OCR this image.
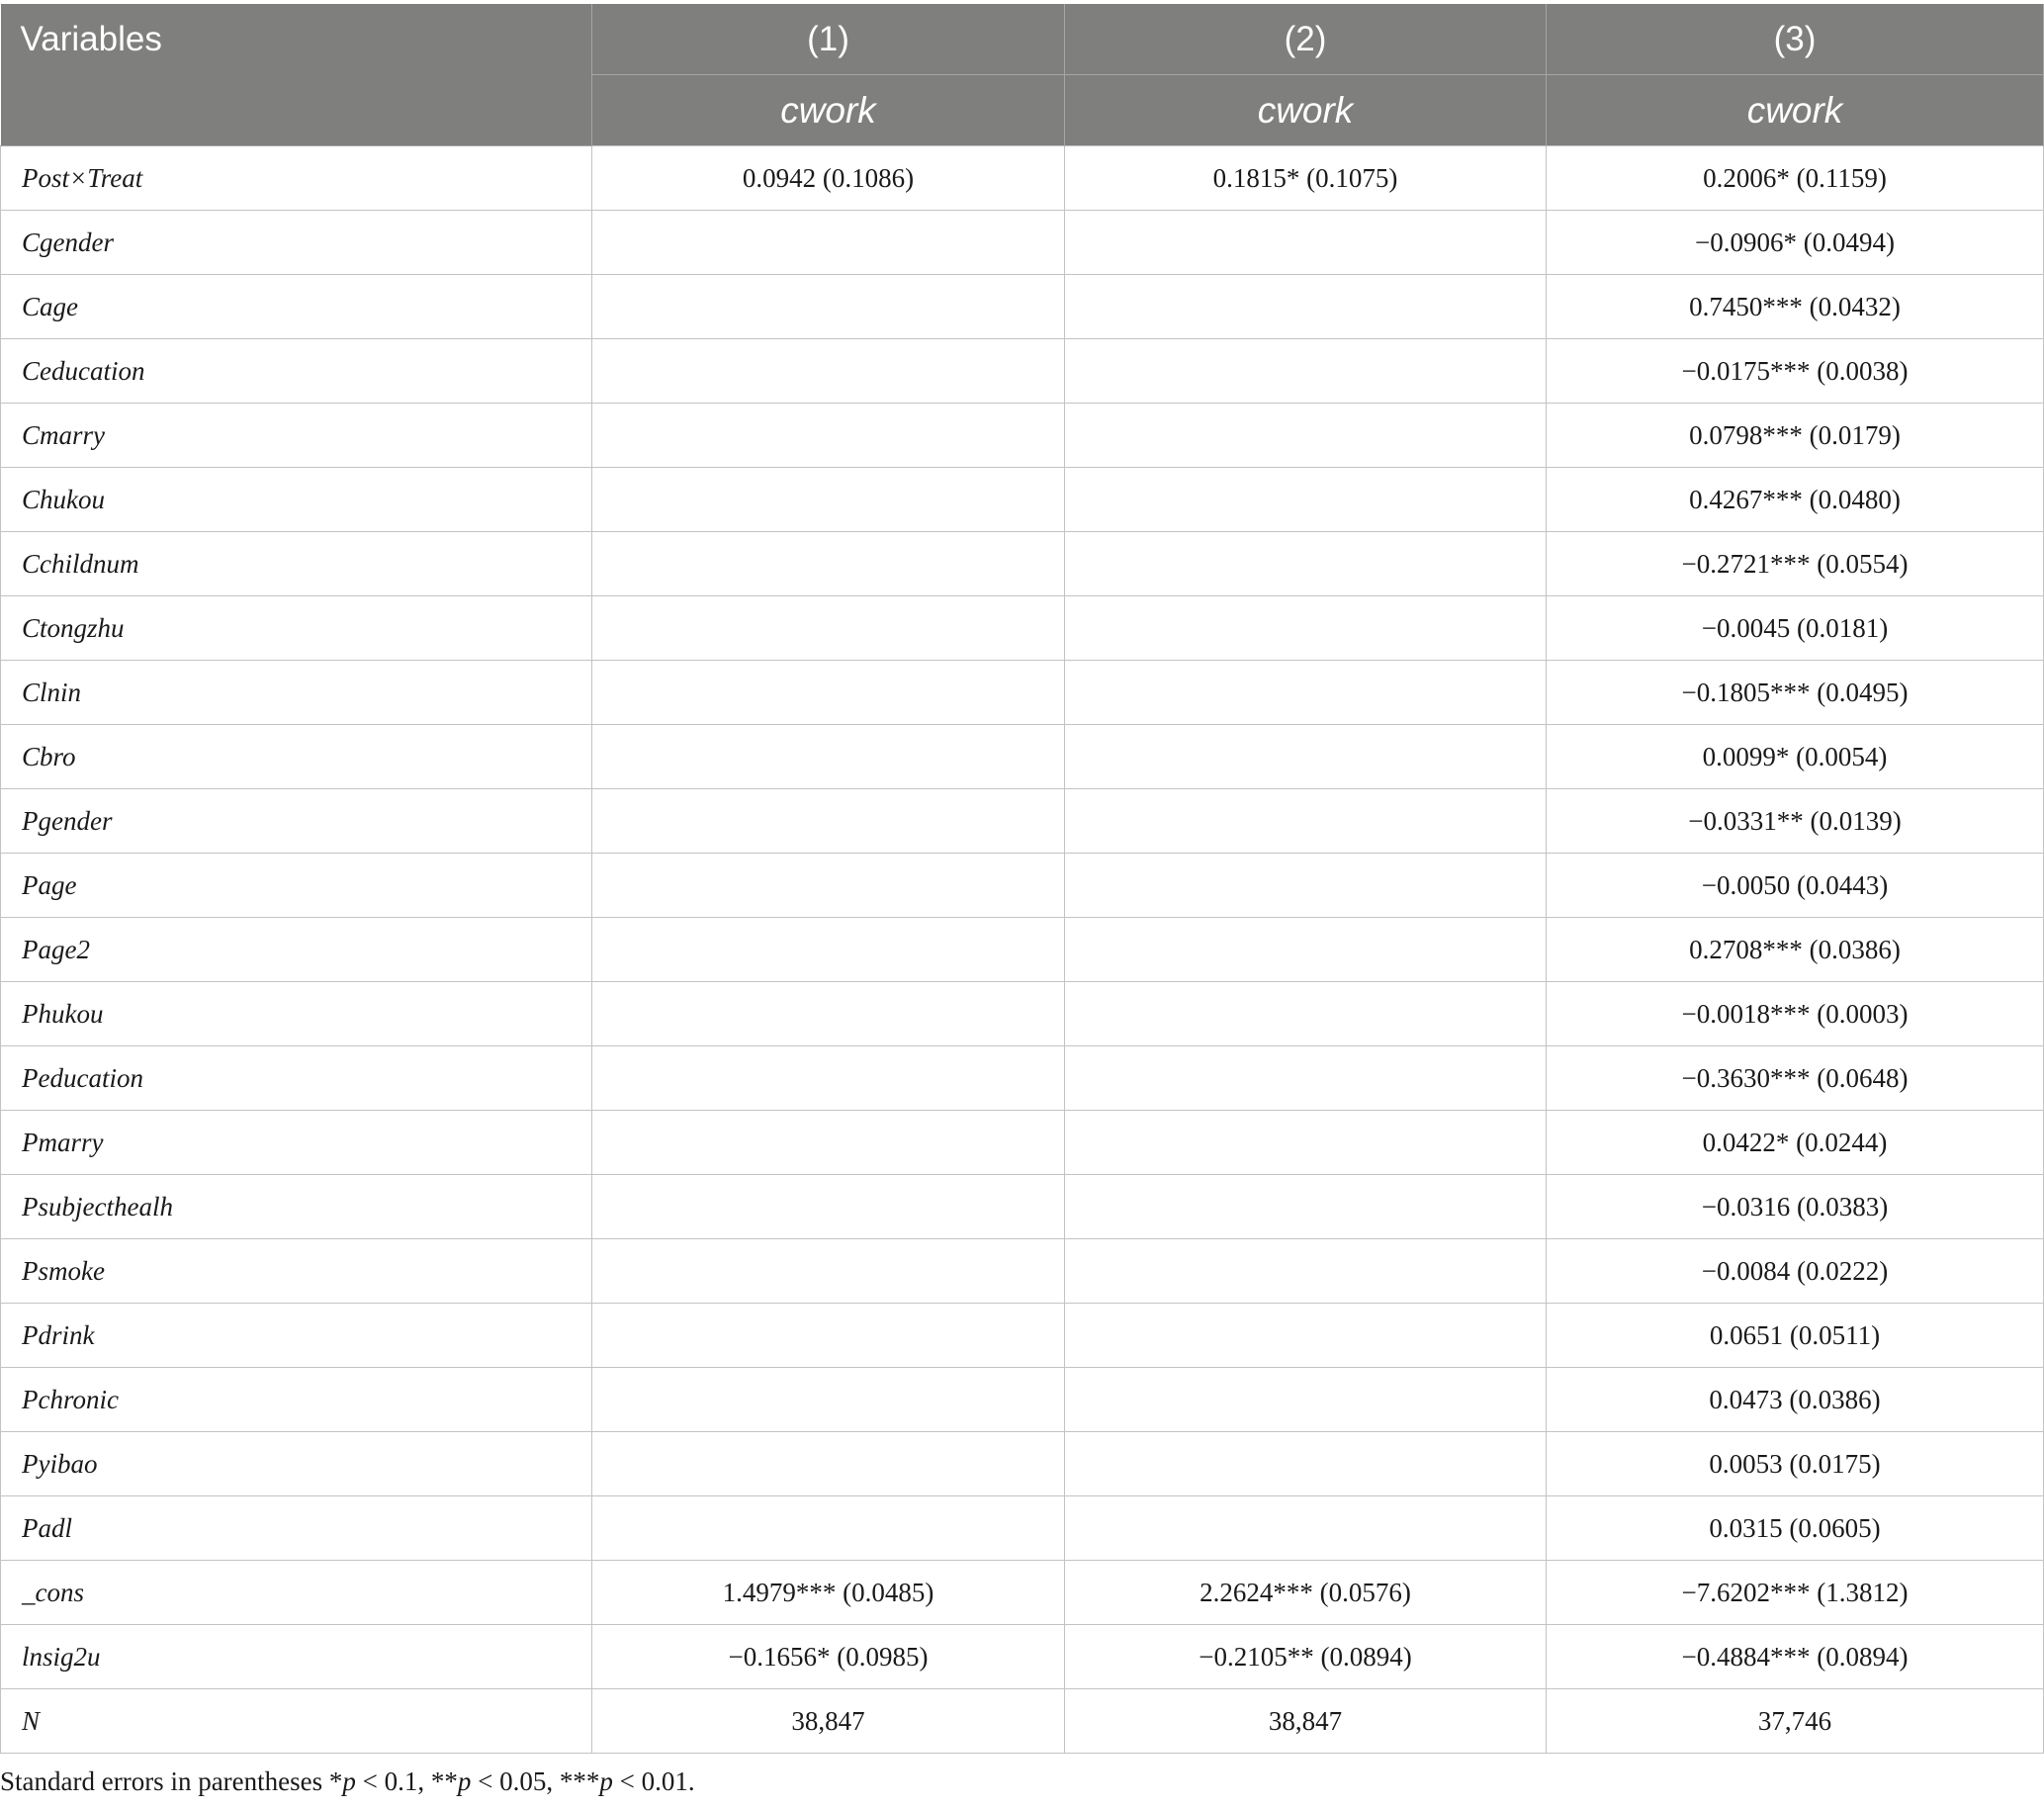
Variables	(1)	(2)	(3)
	cwork	cwork	cwork
Post×Treat	0.0942 (0.1086)	0.1815* (0.1075)	0.2006* (0.1159)
Cgender			−0.0906* (0.0494)
Cage			0.7450*** (0.0432)
Ceducation			−0.0175*** (0.0038)
Cmarry			0.0798*** (0.0179)
Chukou			0.4267*** (0.0480)
Cchildnum			−0.2721*** (0.0554)
Ctongzhu			−0.0045 (0.0181)
Clnin			−0.1805*** (0.0495)
Cbro			0.0099* (0.0054)
Pgender			−0.0331** (0.0139)
Page			−0.0050 (0.0443)
Page2			0.2708*** (0.0386)
Phukou			−0.0018*** (0.0003)
Peducation			−0.3630*** (0.0648)
Pmarry			0.0422* (0.0244)
Psubjecthealh			−0.0316 (0.0383)
Psmoke			−0.0084 (0.0222)
Pdrink			0.0651 (0.0511)
Pchronic			0.0473 (0.0386)
Pyibao			0.0053 (0.0175)
Padl			0.0315 (0.0605)
_cons	1.4979*** (0.0485)	2.2624*** (0.0576)	−7.6202*** (1.3812)
lnsig2u	−0.1656* (0.0985)	−0.2105** (0.0894)	−0.4884*** (0.0894)
N	38,847	38,847	37,746
Standard errors in parentheses *p < 0.1, **p < 0.05, ***p < 0.01.
